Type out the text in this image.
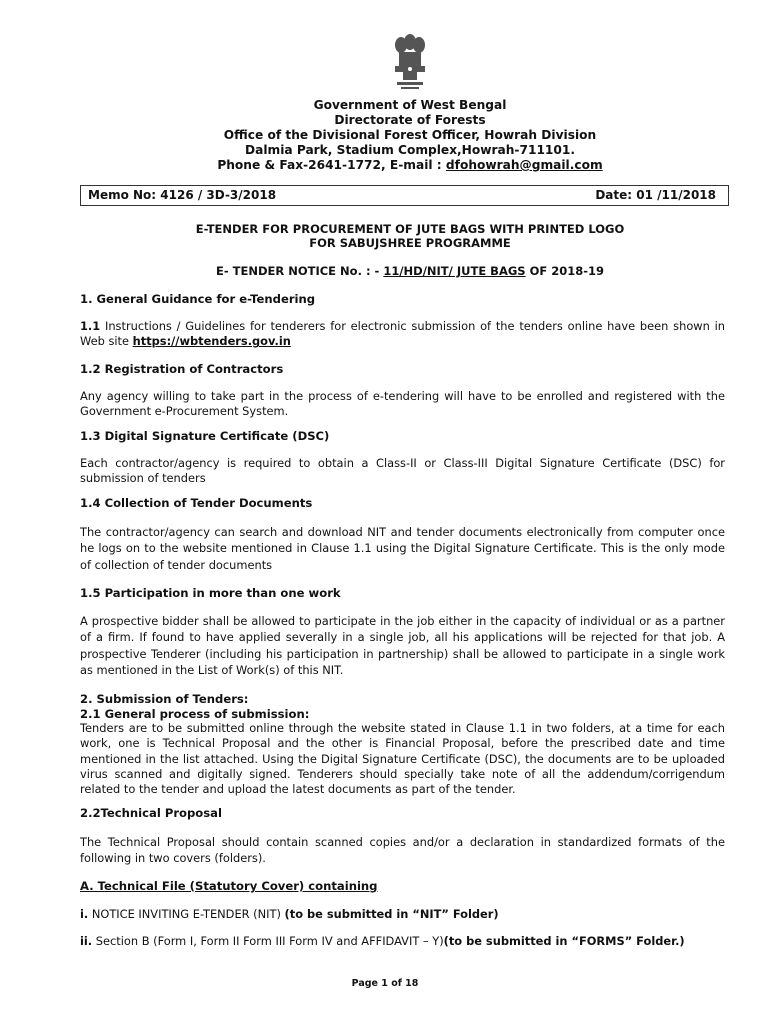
Government of West Bengal
Directorate of Forests
Office of the Divisional Forest Officer, Howrah Division
Dalmia Park, Stadium Complex,Howrah-711101.
Phone & Fax-2641-1772, E-mail : dfohowrah@gmail.com
Memo No: 4126 / 3D-3/2018	Date: 01 /11/2018
E-TENDER FOR PROCUREMENT OF JUTE BAGS WITH PRINTED LOGO
FOR SABUJSHREE PROGRAMME
E- TENDER NOTICE No. : - 11/HD/NIT/ JUTE BAGS OF 2018-19
1. General Guidance for e-Tendering
1.1 Instructions / Guidelines for tenderers for electronic submission of the tenders online have been shown in Web site https://wbtenders.gov.in
1.2 Registration of Contractors
Any agency willing to take part in the process of e-tendering will have to be enrolled and registered with the Government e-Procurement System.
1.3 Digital Signature Certificate (DSC)
Each contractor/agency is required to obtain a Class-II or Class-III Digital Signature Certificate (DSC) for submission of tenders
1.4 Collection of Tender Documents
The contractor/agency can search and download NIT and tender documents electronically from computer once he logs on to the website mentioned in Clause 1.1 using the Digital Signature Certificate. This is the only mode of collection of tender documents
1.5 Participation in more than one work
A prospective bidder shall be allowed to participate in the job either in the capacity of individual or as a partner of a firm. If found to have applied severally in a single job, all his applications will be rejected for that job. A prospective Tenderer (including his participation in partnership) shall be allowed to participate in a single work as mentioned in the List of Work(s) of this NIT.
2. Submission of Tenders:
2.1 General process of submission:
Tenders are to be submitted online through the website stated in Clause 1.1 in two folders, at a time for each work, one is Technical Proposal and the other is Financial Proposal, before the prescribed date and time mentioned in the list attached. Using the Digital Signature Certificate (DSC), the documents are to be uploaded virus scanned and digitally signed. Tenderers should specially take note of all the addendum/corrigendum related to the tender and upload the latest documents as part of the tender.
2.2Technical Proposal
The Technical Proposal should contain scanned copies and/or a declaration in standardized formats of the following in two covers (folders).
A. Technical File (Statutory Cover) containing
i. NOTICE INVITING E-TENDER (NIT) (to be submitted in “NIT” Folder)
ii. Section B (Form I, Form II Form III Form IV and AFFIDAVIT – Y)(to be submitted in “FORMS” Folder.)
Page 1 of 18
